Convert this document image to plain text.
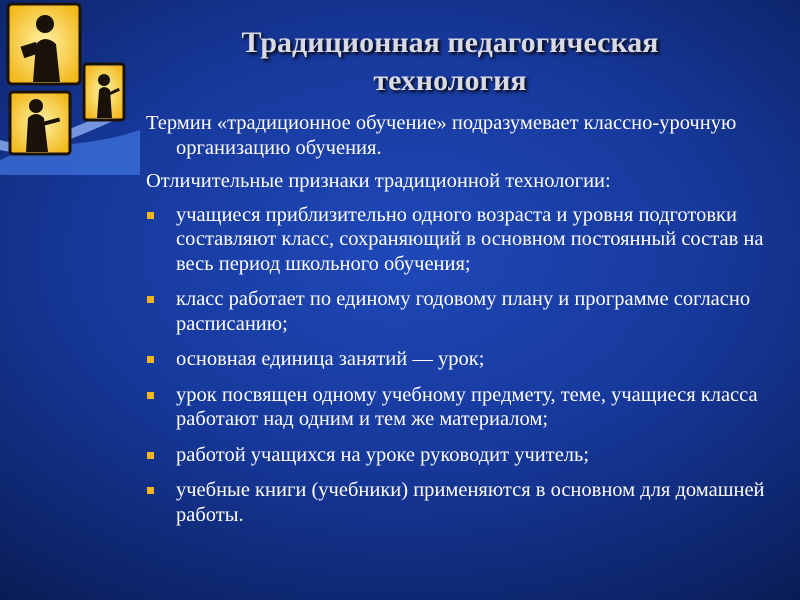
Традиционная педагогическая технология

Термин «традиционное обучение» подразумевает классно-урочную организацию обучения.

Отличительные признаки традиционной технологии:

учащиеся приблизительно одного возраста и уровня подготовки составляют класс, сохраняющий в основном постоянный состав на весь период школьного обучения;
класс работает по единому годовому плану и программе согласно расписанию;
основная единица занятий — урок;
урок посвящен одному учебному предмету, теме, учащиеся класса работают над одним и тем же материалом;
работой учащихся на уроке руководит учитель;
учебные книги (учебники) применяются в основном для домашней работы.
